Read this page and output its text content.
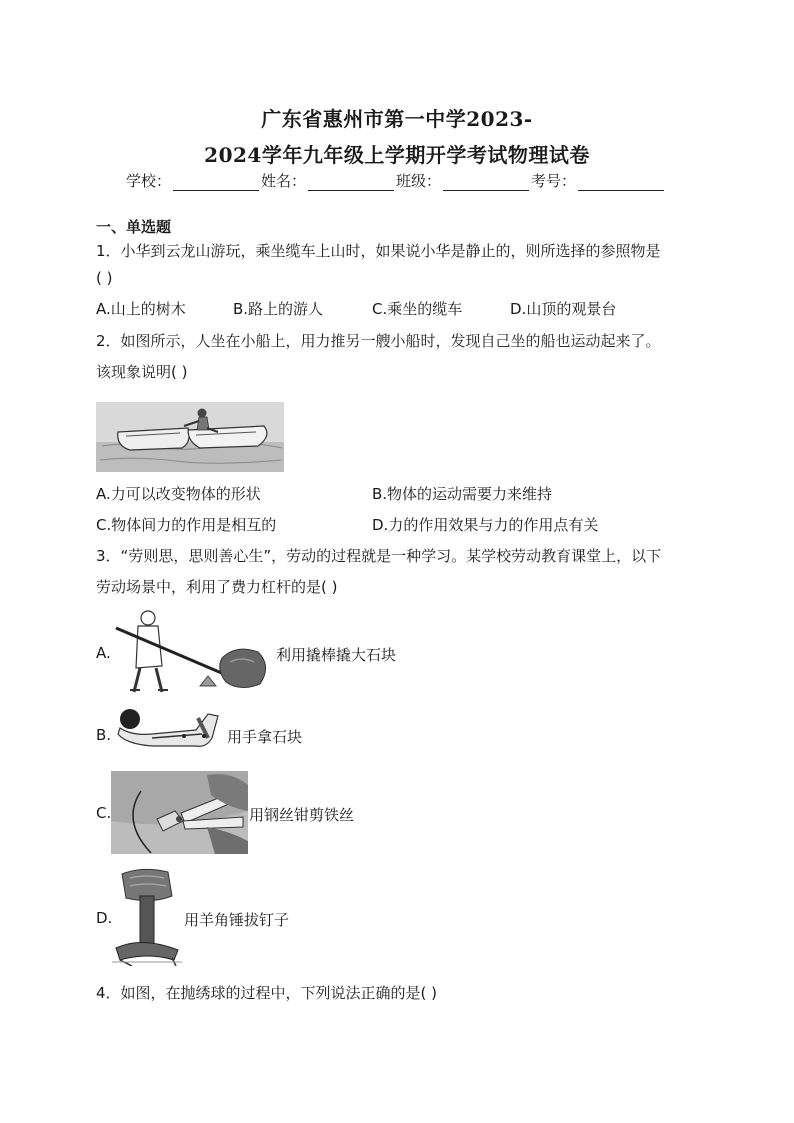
广东省惠州市第一中学2023-
2024学年九年级上学期开学考试物理试卷
学校：	姓名：	班级：	考号：
一、单选题
1．小华到云龙山游玩，乘坐缆车上山时，如果说小华是静止的，则所选择的参照物是
( )
A.山上的树木	B.路上的游人	C.乘坐的缆车	D.山顶的观景台
2．如图所示，人坐在小船上，用力推另一艘小船时，发现自己坐的船也运动起来了。
该现象说明( )
A.力可以改变物体的形状	B.物体的运动需要力来维持
C.物体间力的作用是相互的	D.力的作用效果与力的作用点有关
3．“劳则思，思则善心生”，劳动的过程就是一种学习。某学校劳动教育课堂上，以下
劳动场景中，利用了费力杠杆的是( )
A.	利用撬棒撬大石块
B.	用手拿石块
C.	用钢丝钳剪铁丝
D.	用羊角锤拔钉子
4．如图，在抛绣球的过程中，下列说法正确的是( )
